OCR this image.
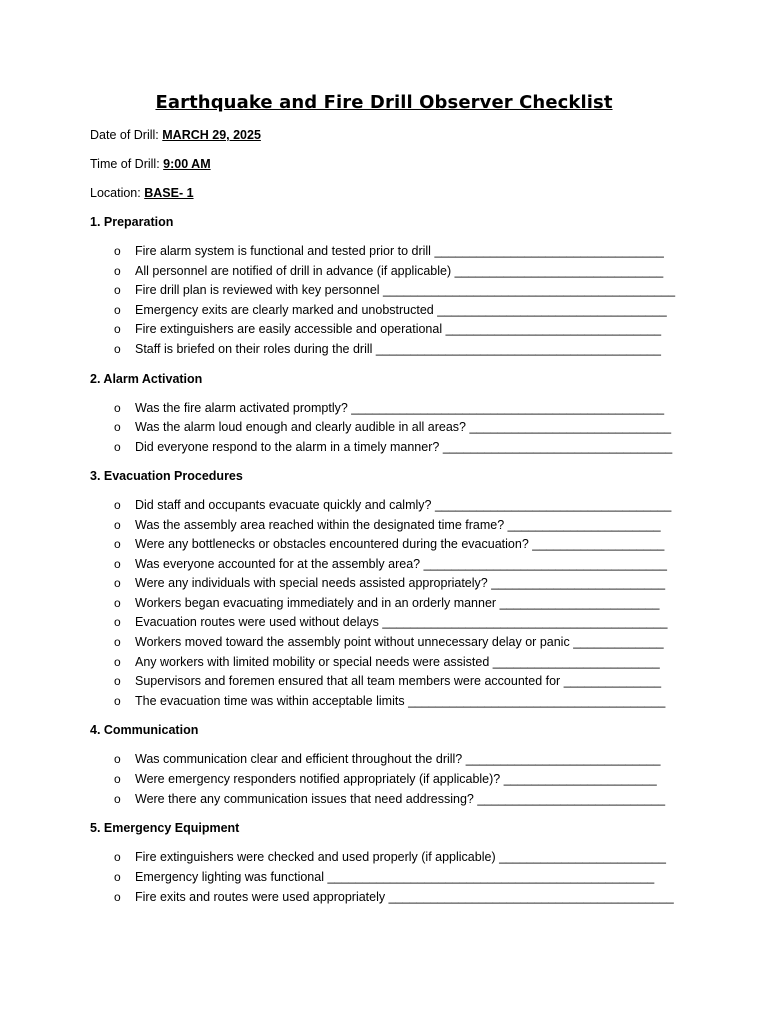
Earthquake and Fire Drill Observer Checklist
Date of Drill: MARCH 29, 2025
Time of Drill: 9:00 AM
Location: BASE- 1
1. Preparation
o Fire alarm system is functional and tested prior to drill _________________________________
o All personnel are notified of drill in advance (if applicable) ______________________________
o Fire drill plan is reviewed with key personnel __________________________________________
o Emergency exits are clearly marked and unobstructed _________________________________
o Fire extinguishers are easily accessible and operational _______________________________
o Staff is briefed on their roles during the drill _________________________________________
2. Alarm Activation
o Was the fire alarm activated promptly? _____________________________________________
o Was the alarm loud enough and clearly audible in all areas? _____________________________
o Did everyone respond to the alarm in a timely manner? _________________________________
3. Evacuation Procedures
o Did staff and occupants evacuate quickly and calmly? __________________________________
o Was the assembly area reached within the designated time frame? ______________________
o Were any bottlenecks or obstacles encountered during the evacuation? ___________________
o Was everyone accounted for at the assembly area? ___________________________________
o Were any individuals with special needs assisted appropriately? _________________________
o Workers began evacuating immediately and in an orderly manner _______________________
o Evacuation routes were used without delays _________________________________________
o Workers moved toward the assembly point without unnecessary delay or panic _____________
o Any workers with limited mobility or special needs were assisted ________________________
o Supervisors and foremen ensured that all team members were accounted for ______________
o The evacuation time was within acceptable limits _____________________________________
4. Communication
o Was communication clear and efficient throughout the drill? ____________________________
o Were emergency responders notified appropriately (if applicable)? ______________________
o Were there any communication issues that need addressing? ___________________________
5. Emergency Equipment
o Fire extinguishers were checked and used properly (if applicable) ________________________
o Emergency lighting was functional _______________________________________________
o Fire exits and routes were used appropriately _________________________________________
